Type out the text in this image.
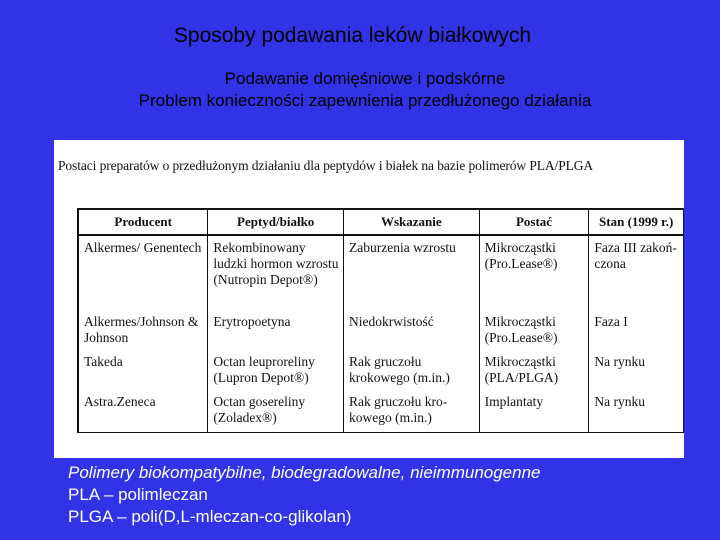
Sposoby podawania leków białkowych
Podawanie domięśniowe i podskórne
Problem konieczności zapewnienia przedłużonego działania
Postaci preparatów o przedłużonym działaniu dla peptydów i białek na bazie polimerów PLA/PLGA
Producent	Peptyd/białko	Wskazanie	Postać	Stan (1999 r.)
Alkermes/ Genentech	Rekombinowany ludzki hormon wzrostu (Nutropin Depot®)	Zaburzenia wzrostu	Mikrocząstki (Pro.Lease®)	Faza III zakoń-czona
Alkermes/Johnson & Johnson	Erytropoetyna	Niedokrwistość	Mikrocząstki (Pro.Lease®)	Faza I
Takeda	Octan leuproreliny (Lupron Depot®)	Rak gruczołu krokowego (m.in.)	Mikrocząstki (PLA/PLGA)	Na rynku
Astra.Zeneca	Octan gosereliny (Zoladex®)	Rak gruczołu kro-kowego (m.in.)	Implantaty	Na rynku
Polimery biokompatybilne, biodegradowalne, nieimmunogenne
PLA – polimleczan
PLGA – poli(D,L-mleczan-co-glikolan)
